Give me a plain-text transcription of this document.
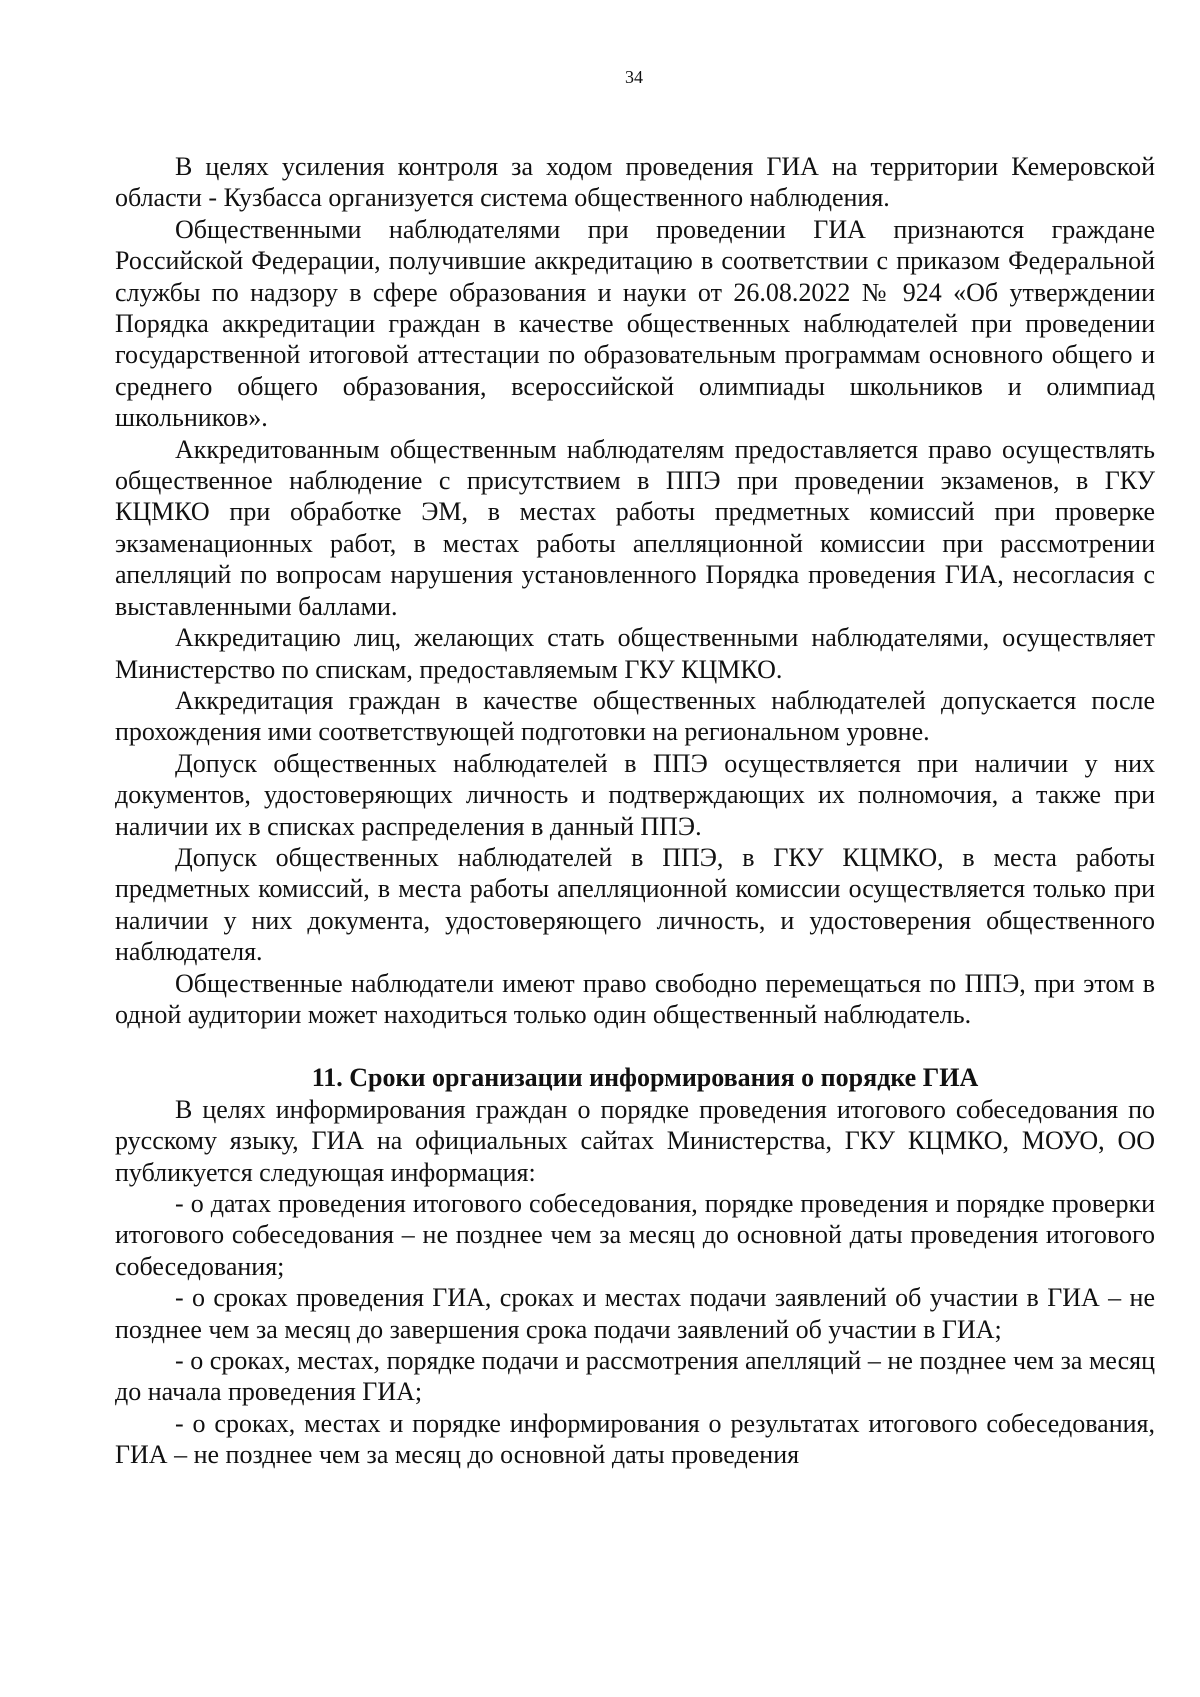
34

В целях усиления контроля за ходом проведения ГИА на территории Кемеровской области - Кузбасса организуется система общественного наблюдения.

Общественными наблюдателями при проведении ГИА признаются граждане Российской Федерации, получившие аккредитацию в соответствии с приказом Федеральной службы по надзору в сфере образования и науки от 26.08.2022 № 924 «Об утверждении Порядка аккредитации граждан в качестве общественных наблюдателей при проведении государственной итоговой аттестации по образовательным программам основного общего и среднего общего образования, всероссийской олимпиады школьников и олимпиад школьников».

Аккредитованным общественным наблюдателям предоставляется право осуществлять общественное наблюдение с присутствием в ППЭ при проведении экзаменов, в ГКУ КЦМКО при обработке ЭМ, в местах работы предметных комиссий при проверке экзаменационных работ, в местах работы апелляционной комиссии при рассмотрении апелляций по вопросам нарушения установленного Порядка проведения ГИА, несогласия с выставленными баллами.

Аккредитацию лиц, желающих стать общественными наблюдателями, осуществляет Министерство по спискам, предоставляемым ГКУ КЦМКО.

Аккредитация граждан в качестве общественных наблюдателей допускается после прохождения ими соответствующей подготовки на региональном уровне.

Допуск общественных наблюдателей в ППЭ осуществляется при наличии у них документов, удостоверяющих личность и подтверждающих их полномочия, а также при наличии их в списках распределения в данный ППЭ.

Допуск общественных наблюдателей в ППЭ, в ГКУ КЦМКО, в места работы предметных комиссий, в места работы апелляционной комиссии осуществляется только при наличии у них документа, удостоверяющего личность, и удостоверения общественного наблюдателя.

Общественные наблюдатели имеют право свободно перемещаться по ППЭ, при этом в одной аудитории может находиться только один общественный наблюдатель.

11. Сроки организации информирования о порядке ГИА

В целях информирования граждан о порядке проведения итогового собеседования по русскому языку, ГИА на официальных сайтах Министерства, ГКУ КЦМКО, МОУО, ОО публикуется следующая информация:

- о датах проведения итогового собеседования, порядке проведения и порядке проверки итогового собеседования – не позднее чем за месяц до основной даты проведения итогового собеседования;

- о сроках проведения ГИА, сроках и местах подачи заявлений об участии в ГИА – не позднее чем за месяц до завершения срока подачи заявлений об участии в ГИА;

- о сроках, местах, порядке подачи и рассмотрения апелляций – не позднее чем за месяц до начала проведения ГИА;

- о сроках, местах и порядке информирования о результатах итогового собеседования, ГИА – не позднее чем за месяц до основной даты проведения
